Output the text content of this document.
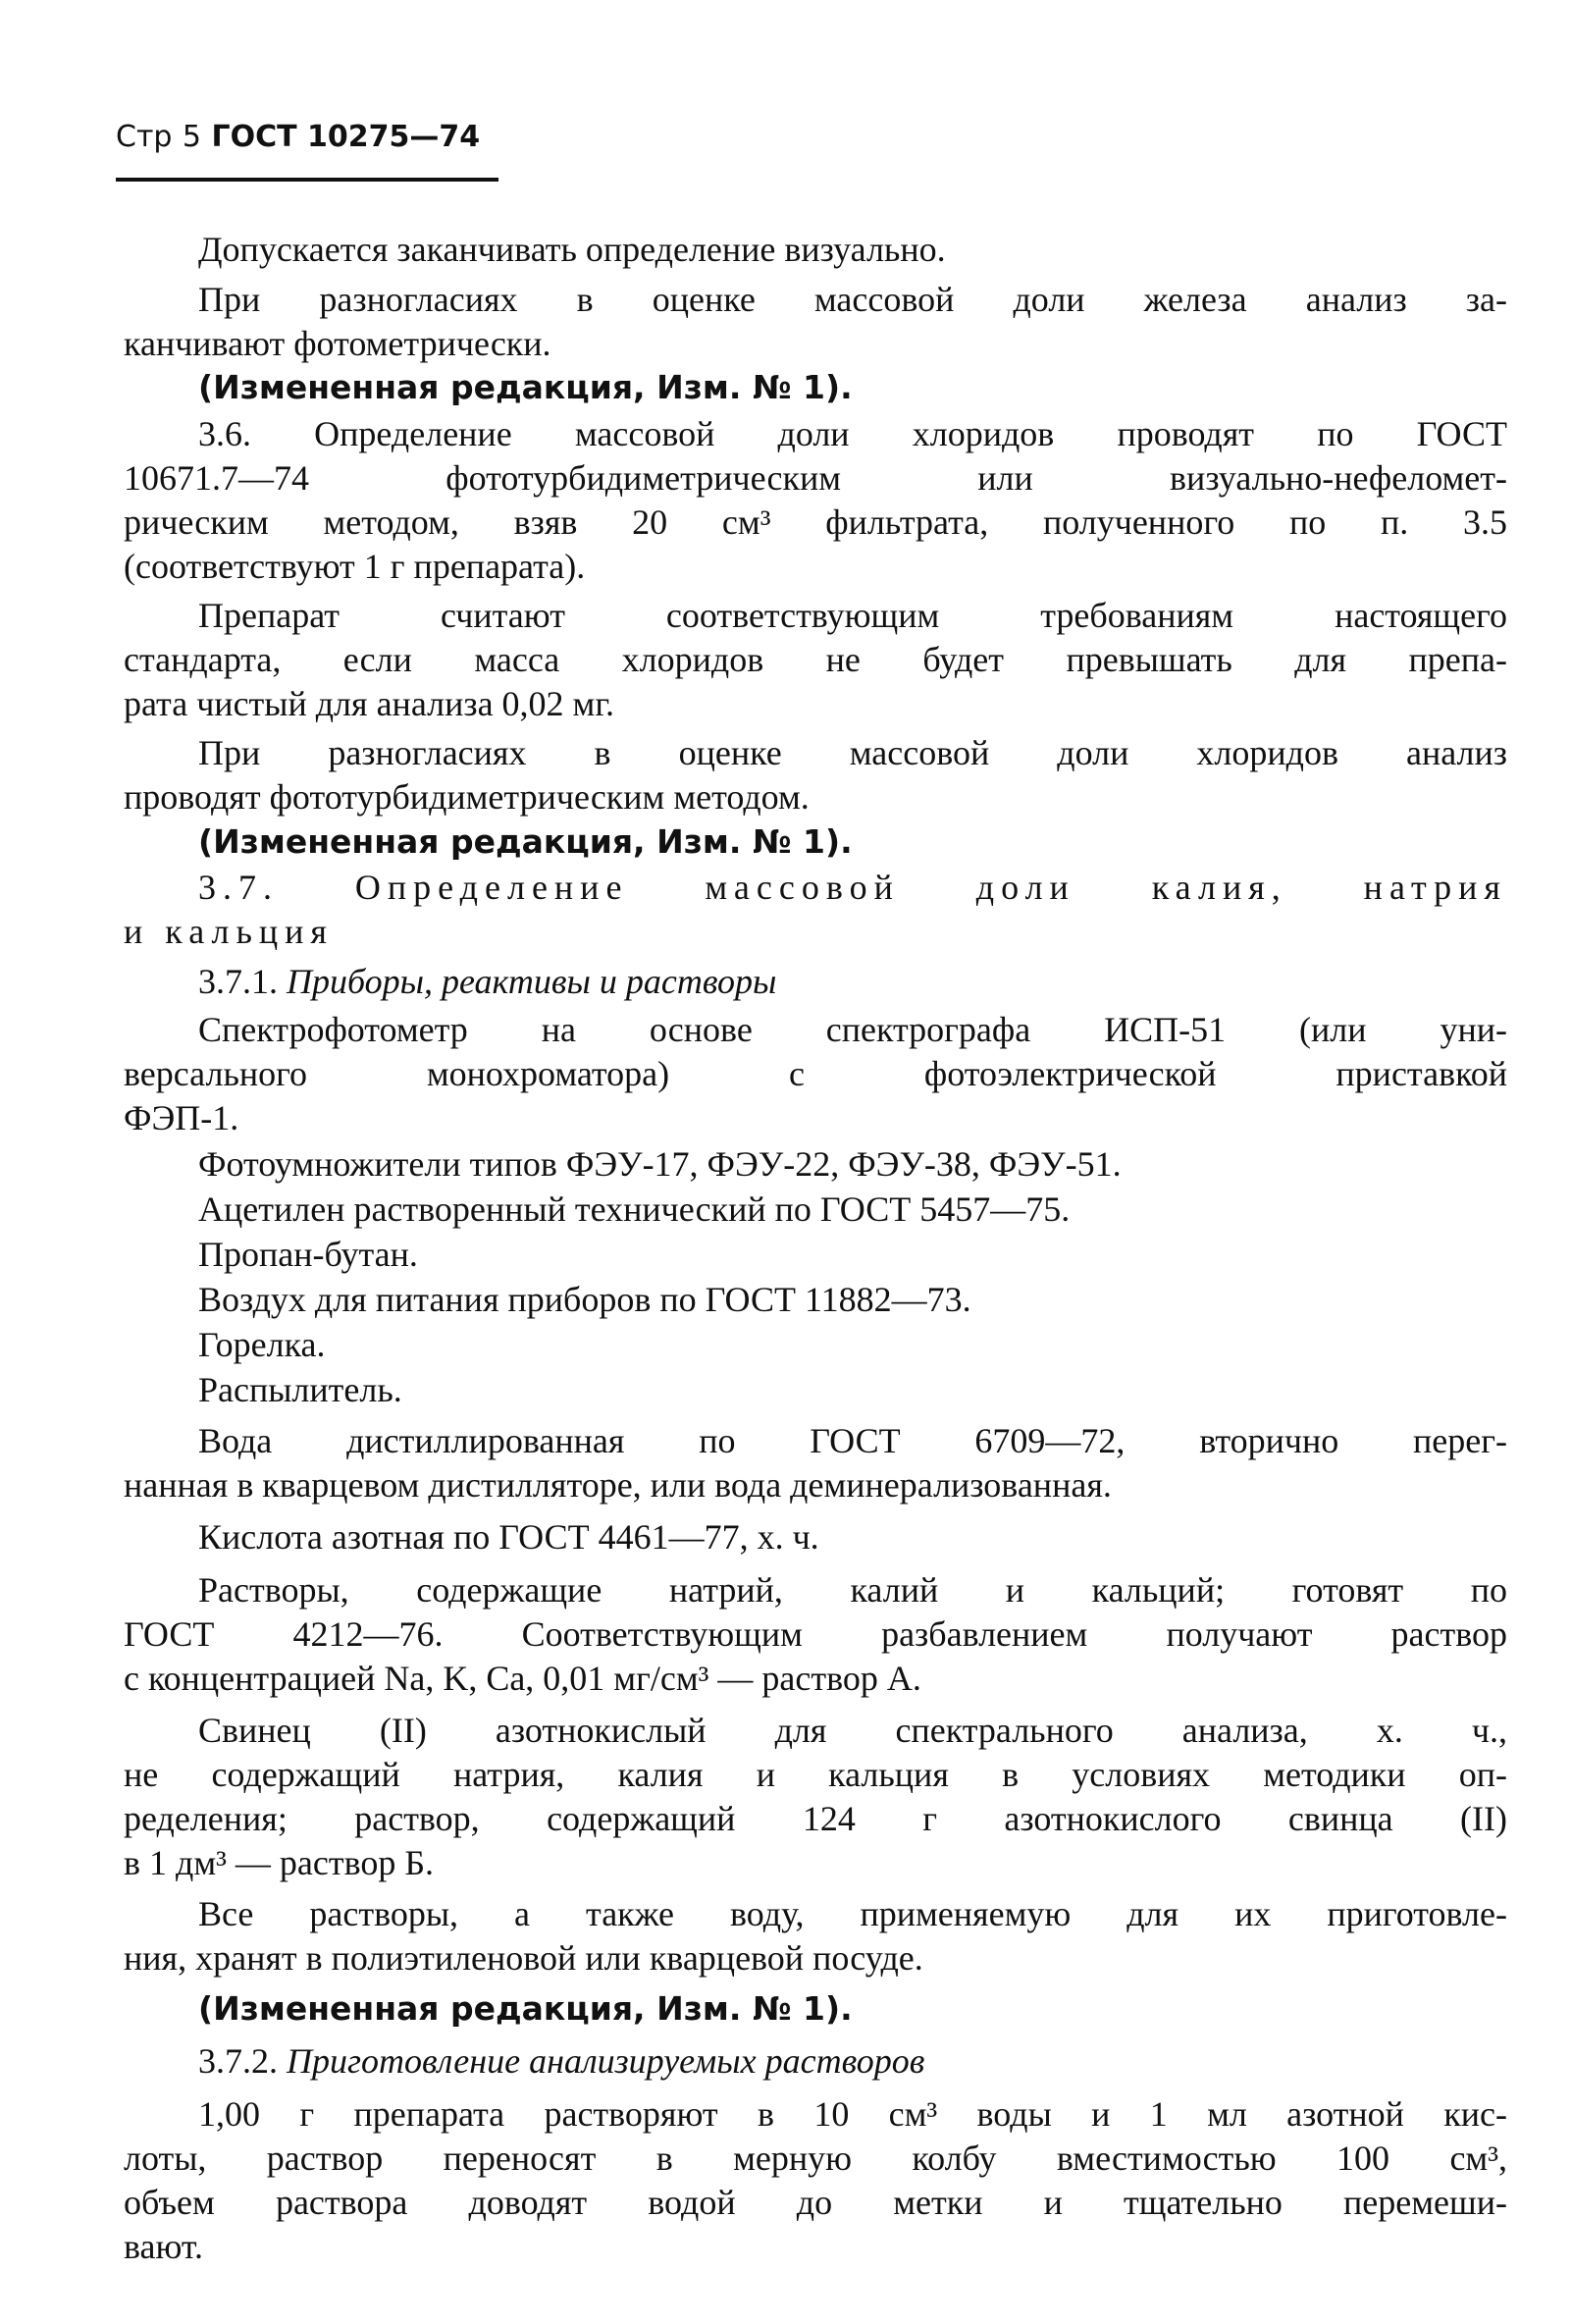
Стр 5 ГОСТ 10275—74
Допускается заканчивать определение визуально.
При разногласиях в оценке массовой доли железа анализ за-
канчивают фотометрически.
(Измененная редакция, Изм. № 1).
3.6. Определение массовой доли хлоридов проводят по ГОСТ
10671.7—74 фототурбидиметрическим или визуально-нефеломет-
рическим методом, взяв 20 см³ фильтрата, полученного по п. 3.5
(соответствуют 1 г препарата).
Препарат считают соответствующим требованиям настоящего
стандарта, если масса хлоридов не будет превышать для препа-
рата чистый для анализа 0,02 мг.
При разногласиях в оценке массовой доли хлоридов анализ
проводят фототурбидиметрическим методом.
(Измененная редакция, Изм. № 1).
3.7. Определение массовой доли калия, натрия
и кальция
3.7.1. Приборы, реактивы и растворы
Спектрофотометр на основе спектрографа ИСП-51 (или уни-
версального монохроматора) с фотоэлектрической приставкой
ФЭП-1.
Фотоумножители типов ФЭУ-17, ФЭУ-22, ФЭУ-38, ФЭУ-51.
Ацетилен растворенный технический по ГОСТ 5457—75.
Пропан-бутан.
Воздух для питания приборов по ГОСТ 11882—73.
Горелка.
Распылитель.
Вода дистиллированная по ГОСТ 6709—72, вторично перег-
нанная в кварцевом дистилляторе, или вода деминерализованная.
Кислота азотная по ГОСТ 4461—77, х. ч.
Растворы, содержащие натрий, калий и кальций; готовят по
ГОСТ 4212—76. Соответствующим разбавлением получают раствор
с концентрацией Na, K, Ca, 0,01 мг/см³ — раствор А.
Свинец (II) азотнокислый для спектрального анализа, х. ч.,
не содержащий натрия, калия и кальция в условиях методики оп-
ределения; раствор, содержащий 124 г азотнокислого свинца (II)
в 1 дм³ — раствор Б.
Все растворы, а также воду, применяемую для их приготовле-
ния, хранят в полиэтиленовой или кварцевой посуде.
(Измененная редакция, Изм. № 1).
3.7.2. Приготовление анализируемых растворов
1,00 г препарата растворяют в 10 см³ воды и 1 мл азотной кис-
лоты, раствор переносят в мерную колбу вместимостью 100 см³,
объем раствора доводят водой до метки и тщательно перемеши-
вают.
